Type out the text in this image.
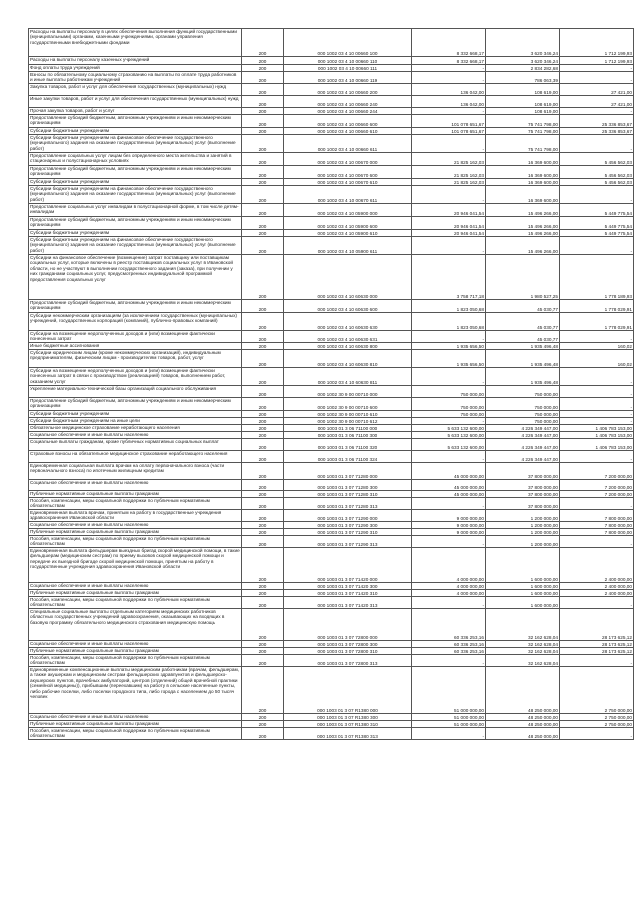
Расходы на выплаты персоналу в целях обеспечения выполнения функций государственными (муниципальными) органами, казенными учреждениями, органами управления государственными внебюджетными фондами	200	000 1002 03 4 10 00660 100	8 332 668,17	3 620 346,24	1 712 199,93
Расходы на выплаты персоналу казенных учреждений	200	000 1002 03 4 10 00660 110	8 332 668,17	3 620 346,24	1 712 199,93
Фонд оплаты труда учреждений	200	000 1002 03 4 10 00660 111	-	2 834 282,68	-
Взносы по обязательному социальному страхованию на выплаты по оплате труда работников и иные выплаты работникам учреждений	200	000 1002 03 4 10 00660 119	-	786 063,39	-
Закупка товаров, работ и услуг для обеспечения государственных (муниципальных) нужд	200	000 1002 03 4 10 00660 200	136 042,00	108 619,00	27 421,00
Иные закупки товаров, работ и услуг для обеспечения государственных (муниципальных) нужд	200	000 1002 03 4 10 00660 240	136 042,00	108 619,00	27 421,00
Прочая закупка товаров, работ и услуг	200	000 1002 03 4 10 00660 244	-	108 619,00	-
Предоставление субсидий бюджетным, автономным учреждениям и иным некоммерческим организациям	200	000 1002 03 4 10 00660 600	101 078 651,67	75 741 798,00	25 336 853,67
Субсидии бюджетным учреждениям	200	000 1002 03 4 10 00660 610	101 078 651,67	75 741 798,00	25 336 853,67
Субсидии бюджетным учреждениям на финансовое обеспечение государственного (муниципального) задания на оказание государственных (муниципальных) услуг (выполнение работ)	200	000 1002 03 4 10 00660 611	-	75 741 798,00	-
Предоставление социальных услуг лицам без определенного места жительства и занятий в стационарных и полустационарных условиях	200	000 1002 03 4 10 00670 000	21 825 162,03	16 369 600,00	5 456 562,03
Предоставление субсидий бюджетным, автономным учреждениям и иным некоммерческим организациям	200	000 1002 03 4 10 00670 600	21 825 162,03	16 369 600,00	5 456 562,03
Субсидии бюджетным учреждениям	200	000 1002 03 4 10 00670 610	21 825 162,03	16 369 600,00	5 456 562,03
Субсидии бюджетным учреждениям на финансовое обеспечение государственного (муниципального) задания на оказание государственных (муниципальных) услуг (выполнение работ)	200	000 1002 03 4 10 00670 611	-	16 369 600,00	-
Предоставление социальных услуг инвалидам в полустационарной форме, в том числе детям-инвалидам	200	000 1002 03 4 10 05900 000	20 946 041,54	15 496 266,00	5 449 775,54
Предоставление субсидий бюджетным, автономным учреждениям и иным некоммерческим организациям	200	000 1002 03 4 10 05900 600	20 946 041,54	15 496 266,00	5 449 775,54
Субсидии бюджетным учреждениям	200	000 1002 03 4 10 05900 610	20 946 041,54	15 496 266,00	5 449 775,54
Субсидии бюджетным учреждениям на финансовое обеспечение государственного (муниципального) задания на оказание государственных (муниципальных) услуг (выполнение работ)	200	000 1002 03 4 10 05900 611	-	15 496 266,00	-
Субсидии на финансовое обеспечение (возмещение) затрат поставщику или поставщикам социальных услуг, которые включены в реестр поставщиков социальных услуг в Ивановской области, но не участвуют в выполнении государственного задания (заказа), при получении у них гражданами социальных услуг, предусмотренных индивидуальной программой предоставления социальных услуг	200	000 1002 03 4 10 60630 000	3 758 717,18	1 980 527,25	1 778 189,93
Предоставление субсидий бюджетным, автономным учреждениям и иным некоммерческим организациям	200	000 1002 03 4 10 60630 600	1 823 050,68	45 030,77	1 778 029,91
Субсидии некоммерческим организациям (за исключением государственных (муниципальных) учреждений, государственных корпораций (компаний), публично-правовых компаний)	200	000 1002 03 4 10 60630 630	1 823 050,68	45 030,77	1 778 029,91
Субсидии на возмещение недополученных доходов и (или) возмещение фактически понесенных затрат	200	000 1002 03 4 10 60630 631	-	45 030,77	-
Иные бюджетные ассигнования	200	000 1002 03 4 10 60630 800	1 935 656,50	1 935 496,48	160,02
Субсидии юридическим лицам (кроме некоммерческих организаций), индивидуальным предпринимателям, физическим лицам - производителям товаров, работ, услуг	200	000 1002 03 4 10 60630 810	1 935 656,50	1 935 496,48	160,02
Субсидии на возмещение недополученных доходов и (или) возмещение фактически понесенных затрат в связи с производством (реализацией) товаров, выполнением работ, оказанием услуг	200	000 1002 03 4 10 60630 811	-	1 935 496,48	-
Укрепление материально-технической базы организаций социального обслуживания	200	000 1002 30 9 00 00710 000	750 000,00	750 000,00	-
Предоставление субсидий бюджетным, автономным учреждениям и иным некоммерческим организациям	200	000 1002 30 9 00 00710 600	750 000,00	750 000,00	-
Субсидии бюджетным учреждениям	200	000 1002 30 9 00 00710 610	750 000,00	750 000,00	-
Субсидии бюджетным учреждениям на иные цели	200	000 1002 30 9 00 00710 612	-	750 000,00	-
Обязательное медицинское страхование неработающего населения	200	000 1003 01 3 06 71100 000	5 633 132 600,00	4 226 349 447,00	1 406 783 153,00
Социальное обеспечение и иные выплаты населению	200	000 1003 01 3 06 71100 300	5 633 132 600,00	4 226 349 447,00	1 406 783 153,00
Социальные выплаты гражданам, кроме публичных нормативных социальных выплат	200	000 1003 01 3 06 71100 320	5 633 132 600,00	4 226 349 447,00	1 406 783 153,00
Страховые взносы на обязательное медицинское страхование неработающего населения	200	000 1003 01 3 06 71100 324	-	4 226 349 447,00	-
Единовременная социальная выплата врачам на оплату первоначального взноса (части первоначального взноса) по ипотечным жилищным кредитам	200	000 1003 01 3 07 71280 000	45 000 000,00	37 800 000,00	7 200 000,00
Социальное обеспечение и иные выплаты населению	200	000 1003 01 3 07 71280 300	45 000 000,00	37 800 000,00	7 200 000,00
Публичные нормативные социальные выплаты гражданам	200	000 1003 01 3 07 71280 310	45 000 000,00	37 800 000,00	7 200 000,00
Пособия, компенсации, меры социальной поддержки по публичным нормативным обязательствам	200	000 1003 01 3 07 71280 313	-	37 800 000,00	-
Единовременная выплата врачам, принятым на работу в государственные учреждения здравоохранения Ивановской области	200	000 1003 01 3 07 71290 000	9 000 000,00	1 200 000,00	7 800 000,00
Социальное обеспечение и иные выплаты населению	200	000 1003 01 3 07 71290 300	9 000 000,00	1 200 000,00	7 800 000,00
Публичные нормативные социальные выплаты гражданам	200	000 1003 01 3 07 71290 310	9 000 000,00	1 200 000,00	7 800 000,00
Пособия, компенсации, меры социальной поддержки по публичным нормативным обязательствам	200	000 1003 01 3 07 71290 313	-	1 200 000,00	-
Единовременная выплата фельдшерам выездных бригад скорой медицинской помощи, в такие фельдшерам (медицинским сестрам) по приему вызовов скорой медицинской помощи и передаче их выездной бригаде скорой медицинской помощи, принятым на работу в государственные учреждения здравоохранения Ивановской области	200	000 1003 01 3 07 71420 000	4 000 000,00	1 600 000,00	2 400 000,00
Социальное обеспечение и иные выплаты населению	200	000 1003 01 3 07 71420 300	4 000 000,00	1 600 000,00	2 400 000,00
Публичные нормативные социальные выплаты гражданам	200	000 1003 01 3 07 71420 310	4 000 000,00	1 600 000,00	2 400 000,00
Пособия, компенсации, меры социальной поддержки по публичным нормативным обязательствам	200	000 1003 01 3 07 71420 313	-	1 600 000,00	-
Специальные социальные выплаты отдельным категориям медицинских работников областных государственных учреждений здравоохранения, оказывающих на входящих в базовую программу обязательного медицинского страхования медицинскую помощь	200	000 1003 01 3 07 72800 000	60 336 253,16	32 162 628,04	28 173 625,12
Социальное обеспечение и иные выплаты населению	200	000 1003 01 3 07 72800 300	60 336 253,16	32 162 628,04	28 173 625,12
Публичные нормативные социальные выплаты гражданам	200	000 1003 01 3 07 72800 310	60 336 253,16	32 162 628,04	28 173 625,12
Пособия, компенсации, меры социальной поддержки по публичным нормативным обязательствам	200	000 1003 01 3 07 72800 313	-	32 162 628,04	-
Единовременные компенсационные выплаты медицинским работникам (врачам, фельдшерам, а также акушеркам и медицинским сестрам фельдшерских здравпунктов и фельдшерско-акушерских пунктов, врачебных амбулаторий, центров (отделений) общей врачебной практики (семейной медицины)), прибывшим (переехавшим) на работу в сельские населенные пункты, либо рабочие поселки, либо поселки городского типа, либо города с населением до 50 тысяч человек	200	000 1003 01 3 07 R1380 000	51 000 000,00	48 250 000,00	2 750 000,00
Социальное обеспечение и иные выплаты населению	200	000 1003 01 3 07 R1380 300	51 000 000,00	48 250 000,00	2 750 000,00
Публичные нормативные социальные выплаты гражданам	200	000 1003 01 3 07 R1380 310	51 000 000,00	48 250 000,00	2 750 000,00
Пособия, компенсации, меры социальной поддержки по публичным нормативным обязательствам	200	000 1003 01 3 07 R1380 313	-	48 250 000,00	-
